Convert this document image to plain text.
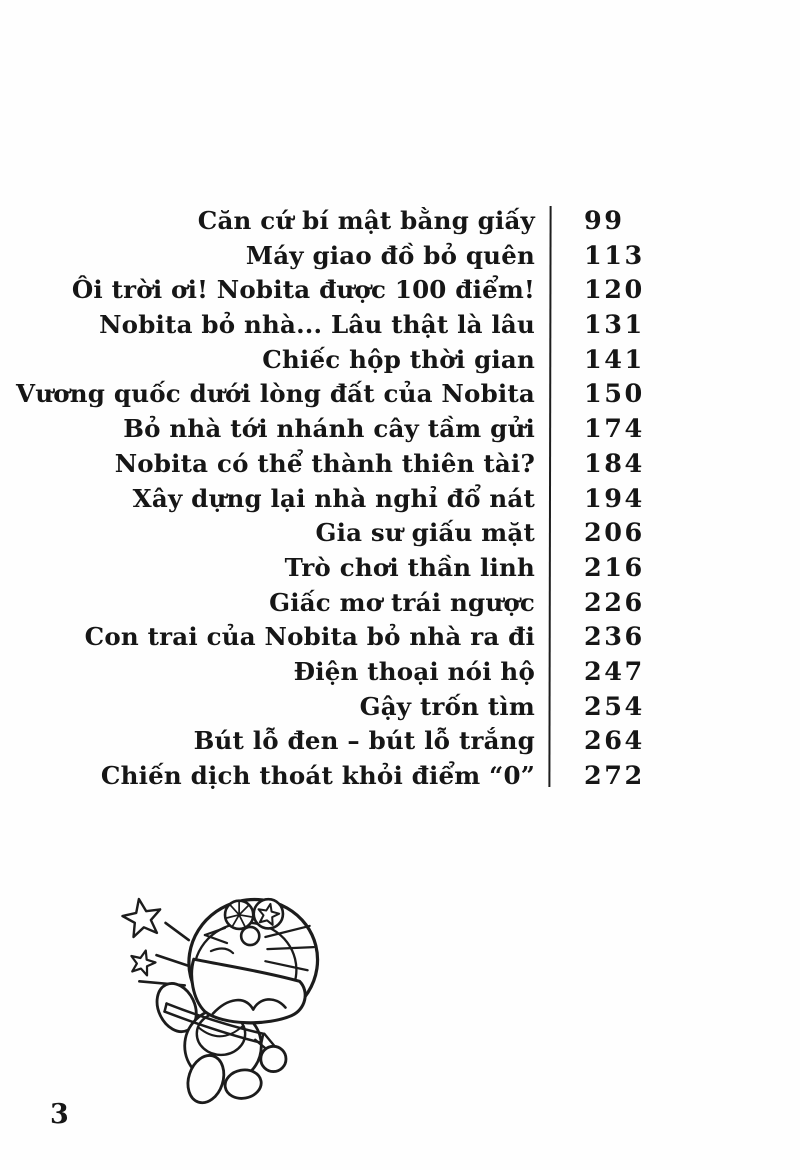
Căn cứ bí mật bằng giấy 99
Máy giao đồ bỏ quên 113
Ôi trời ơi! Nobita được 100 điểm! 120
Nobita bỏ nhà... Lâu thật là lâu 131
Chiếc hộp thời gian 141
Vương quốc dưới lòng đất của Nobita 150
Bỏ nhà tới nhánh cây tầm gửi 174
Nobita có thể thành thiên tài? 184
Xây dựng lại nhà nghỉ đổ nát 194
Gia sư giấu mặt 206
Trò chơi thần linh 216
Giấc mơ trái ngược 226
Con trai của Nobita bỏ nhà ra đi 236
Điện thoại nói hộ 247
Gậy trốn tìm 254
Bút lỗ đen – bút lỗ trắng 264
Chiến dịch thoát khỏi điểm “0” 272
3
